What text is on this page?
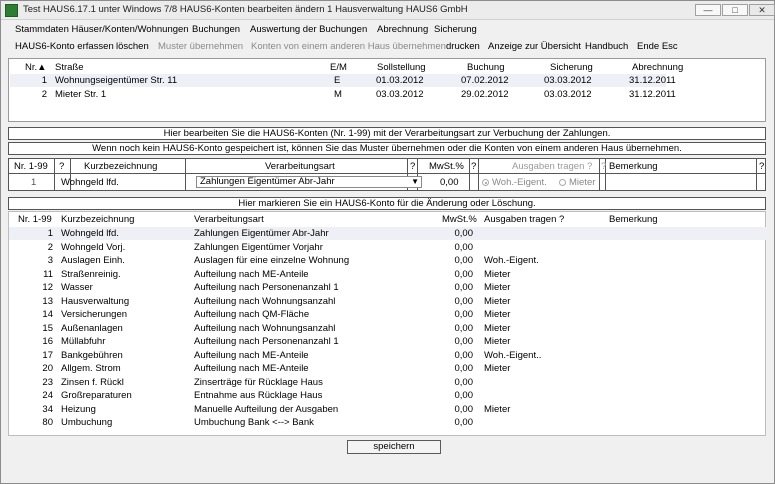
Test HAUS6.17.1 unter Windows 7/8 HAUS6-Konten bearbeiten ändern 1 Hausverwaltung HAUS6 GmbH	—	□	✕
Stammdaten Häuser/Konten/Wohnungen Buchungen Auswertung der Buchungen Abrechnung Sicherung
HAUS6-Konto erfassen löschen Muster übernehmen Konten von einem anderen Haus übernehmen drucken Anzeige zur Übersicht Handbuch Ende Esc
Nr.▲ Straße	E/M	Sollstellung	Buchung	Sicherung	Abrechnung
1 Wohnungseigentümer Str. 11	E	01.03.2012	07.02.2012	03.03.2012	31.12.2011
2 Mieter Str. 1	M	03.03.2012	29.02.2012	03.03.2012	31.12.2011
Hier bearbeiten Sie die HAUS6-Konten (Nr. 1-99) mit der Verarbeitungsart zur Verbuchung der Zahlungen.
Wenn noch kein HAUS6-Konto gespeichert ist, können Sie das Muster übernehmen oder die Konten von einem anderen Haus übernehmen.
Nr. 1-99 ? Kurzbezeichnung	Verarbeitungsart	? MwSt.% ?	Ausgaben tragen ? ? Bemerkung	?
1	Wohngeld lfd.	Zahlungen Eigentümer Abr-Jahr	▼ 0,00	Woh.-Eigent.	Mieter
Hier markieren Sie ein HAUS6-Konto für die Änderung oder Löschung.
Nr. 1-99 Kurzbezeichnung	Verarbeitungsart	MwSt.% Ausgaben tragen ?	Bemerkung
1 Wohngeld lfd.	Zahlungen Eigentümer Abr-Jahr	0,00
2 Wohngeld Vorj.	Zahlungen Eigentümer Vorjahr	0,00
3 Auslagen Einh.	Auslagen für eine einzelne Wohnung	0,00 Woh.-Eigent.
11 Straßenreinig.	Aufteilung nach ME-Anteile	0,00 Mieter
12 Wasser	Aufteilung nach Personenanzahl 1	0,00 Mieter
13 Hausverwaltung	Aufteilung nach Wohnungsanzahl	0,00 Mieter
14 Versicherungen	Aufteilung nach QM-Fläche	0,00 Mieter
15 Außenanlagen	Aufteilung nach Wohnungsanzahl	0,00 Mieter
16 Müllabfuhr	Aufteilung nach Personenanzahl 1	0,00 Mieter
17 Bankgebühren	Aufteilung nach ME-Anteile	0,00 Woh.-Eigent..
20 Allgem. Strom	Aufteilung nach ME-Anteile	0,00 Mieter
23 Zinsen f. Rückl	Zinserträge für Rücklage Haus	0,00
24 Großreparaturen	Entnahme aus Rücklage Haus	0,00
34 Heizung	Manuelle Aufteilung der Ausgaben	0,00 Mieter
80 Umbuchung	Umbuchung Bank <--> Bank	0,00
speichern
